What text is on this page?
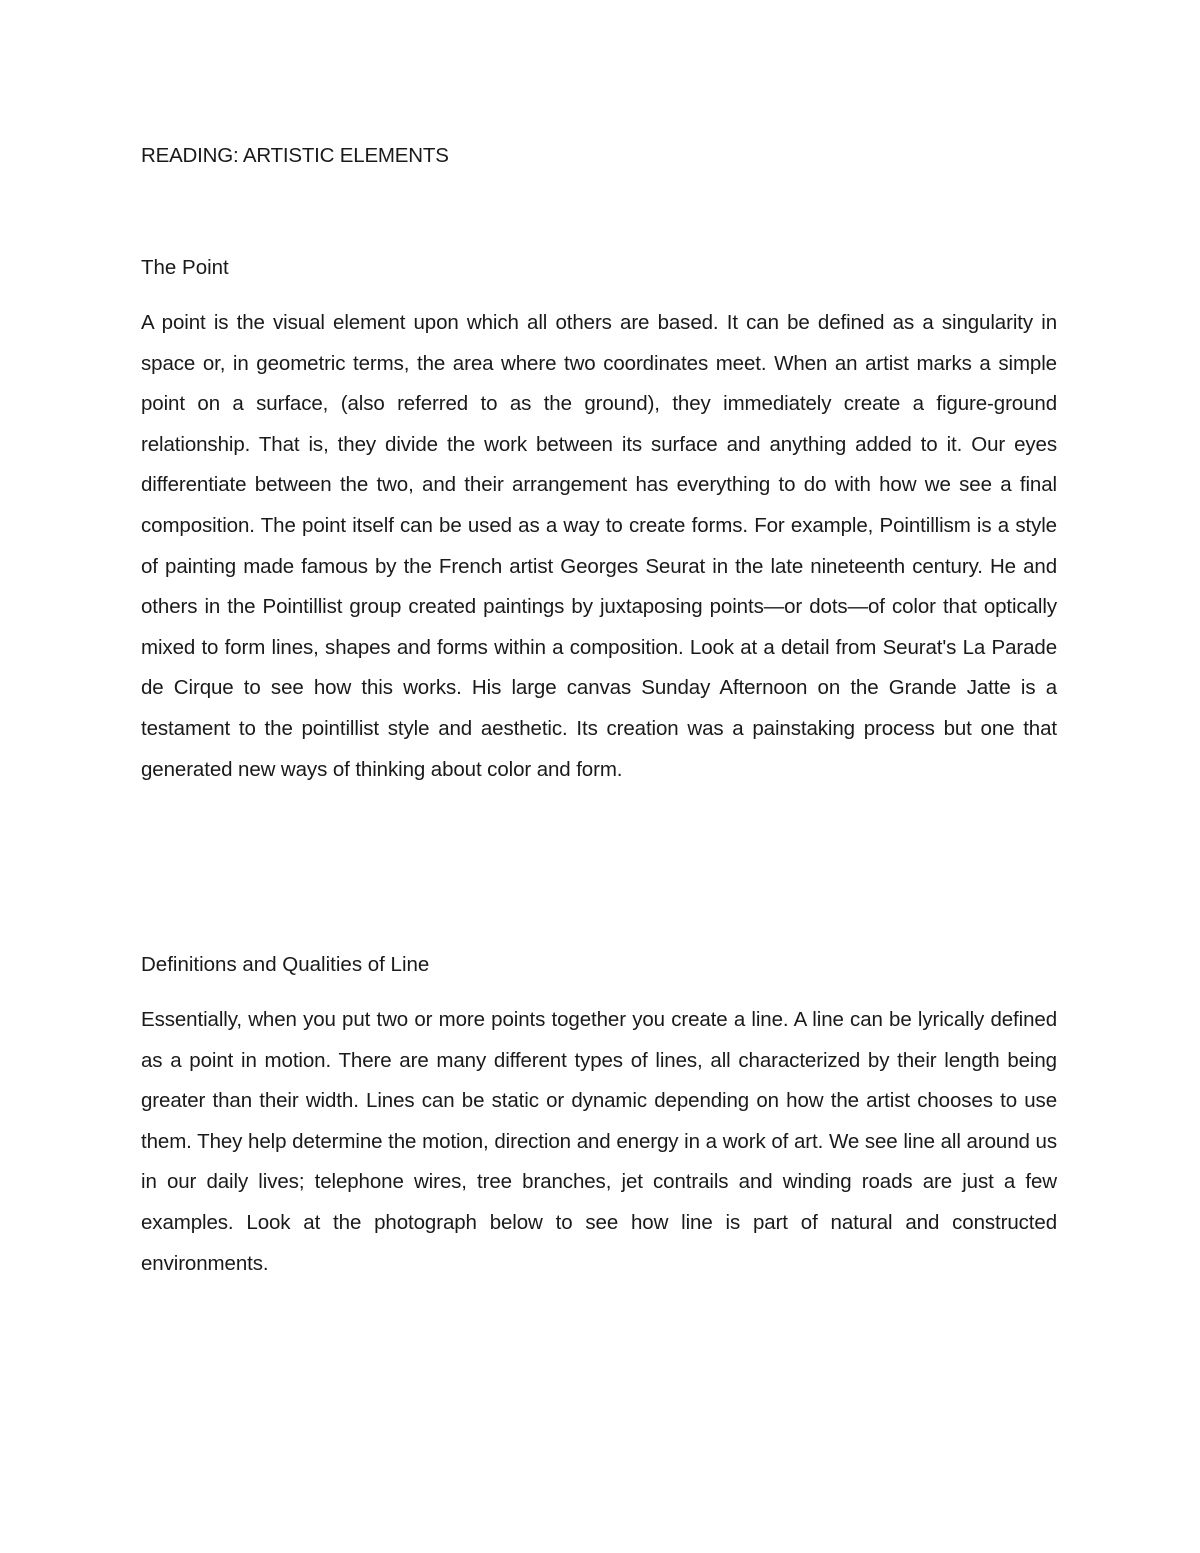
READING: ARTISTIC ELEMENTS
The Point

A point is the visual element upon which all others are based. It can be defined as a singularity in space or, in geometric terms, the area where two coordinates meet. When an artist marks a simple point on a surface, (also referred to as the ground), they immediately create a figure-ground relationship. That is, they divide the work between its surface and anything added to it. Our eyes differentiate between the two, and their arrangement has everything to do with how we see a final composition. The point itself can be used as a way to create forms. For example, Pointillism is a style of painting made famous by the French artist Georges Seurat in the late nineteenth century. He and others in the Pointillist group created paintings by juxtaposing points—or dots—of color that optically mixed to form lines, shapes and forms within a composition. Look at a detail from Seurat's La Parade de Cirque to see how this works. His large canvas Sunday Afternoon on the Grande Jatte is a testament to the pointillist style and aesthetic. Its creation was a painstaking process but one that generated new ways of thinking about color and form.

Definitions and Qualities of Line

Essentially, when you put two or more points together you create a line. A line can be lyrically defined as a point in motion. There are many different types of lines, all characterized by their length being greater than their width. Lines can be static or dynamic depending on how the artist chooses to use them. They help determine the motion, direction and energy in a work of art. We see line all around us in our daily lives; telephone wires, tree branches, jet contrails and winding roads are just a few examples. Look at the photograph below to see how line is part of natural and constructed environments.
